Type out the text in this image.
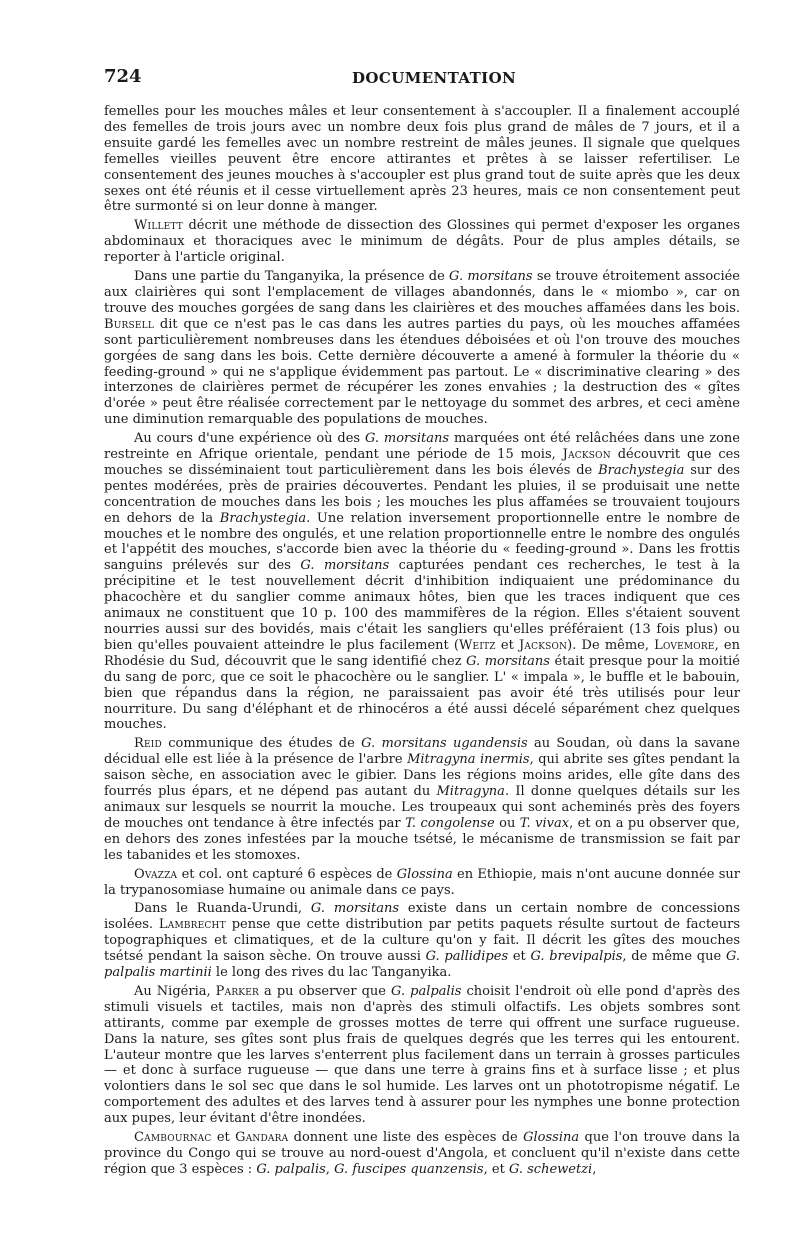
724	DOCUMENTATION

femelles pour les mouches mâles et leur consentement à s'accoupler. Il a finalement accouplé des femelles de trois jours avec un nombre deux fois plus grand de mâles de 7 jours, et il a ensuite gardé les femelles avec un nombre restreint de mâles jeunes. Il signale que quelques femelles vieilles peuvent être encore attirantes et prêtes à se laisser refertiliser. Le consentement des jeunes mouches à s'accoupler est plus grand tout de suite après que les deux sexes ont été réunis et il cesse virtuellement après 23 heures, mais ce non consentement peut être surmonté si on leur donne à manger.

Willett décrit une méthode de dissection des Glossines qui permet d'exposer les organes abdominaux et thoraciques avec le minimum de dégâts. Pour de plus amples détails, se reporter à l'article original.

Dans une partie du Tanganyika, la présence de G. morsitans se trouve étroitement associée aux clairières qui sont l'emplacement de villages abandonnés, dans le « miombo », car on trouve des mouches gorgées de sang dans les clairières et des mouches affamées dans les bois. Bursell dit que ce n'est pas le cas dans les autres parties du pays, où les mouches affamées sont particulièrement nombreuses dans les étendues déboisées et où l'on trouve des mouches gorgées de sang dans les bois. Cette dernière découverte a amené à formuler la théorie du « feeding-ground » qui ne s'applique évidemment pas partout. Le « discriminative clearing » des interzones de clairières permet de récupérer les zones envahies ; la destruction des « gîtes d'orée » peut être réalisée correctement par le nettoyage du sommet des arbres, et ceci amène une diminution remarquable des populations de mouches.

Au cours d'une expérience où des G. morsitans marquées ont été relâchées dans une zone restreinte en Afrique orientale, pendant une période de 15 mois, Jackson découvrit que ces mouches se disséminaient tout particulièrement dans les bois élevés de Brachystegia sur des pentes modérées, près de prairies découvertes. Pendant les pluies, il se produisait une nette concentration de mouches dans les bois ; les mouches les plus affamées se trouvaient toujours en dehors de la Brachystegia. Une relation inversement proportionnelle entre le nombre de mouches et le nombre des ongulés, et une relation proportionnelle entre le nombre des ongulés et l'appétit des mouches, s'accorde bien avec la théorie du « feeding-ground ». Dans les frottis sanguins prélevés sur des G. morsitans capturées pendant ces recherches, le test à la précipitine et le test nouvellement décrit d'inhibition indiquaient une prédominance du phacochère et du sanglier comme animaux hôtes, bien que les traces indiquent que ces animaux ne constituent que 10 p. 100 des mammifères de la région. Elles s'étaient souvent nourries aussi sur des bovidés, mais c'était les sangliers qu'elles préféraient (13 fois plus) ou bien qu'elles pouvaient atteindre le plus facilement (Weitz et Jackson). De même, Lovemore, en Rhodésie du Sud, découvrit que le sang identifié chez G. morsitans était presque pour la moitié du sang de porc, que ce soit le phacochère ou le sanglier. L' « impala », le buffle et le babouin, bien que répandus dans la région, ne paraissaient pas avoir été très utilisés pour leur nourriture. Du sang d'éléphant et de rhinocéros a été aussi décelé séparément chez quelques mouches.

Reid communique des études de G. morsitans ugandensis au Soudan, où dans la savane décidual elle est liée à la présence de l'arbre Mitragyna inermis, qui abrite ses gîtes pendant la saison sèche, en association avec le gibier. Dans les régions moins arides, elle gîte dans des fourrés plus épars, et ne dépend pas autant du Mitragyna. Il donne quelques détails sur les animaux sur lesquels se nourrit la mouche. Les troupeaux qui sont acheminés près des foyers de mouches ont tendance à être infectés par T. congolense ou T. vivax, et on a pu observer que, en dehors des zones infestées par la mouche tsétsé, le mécanisme de transmission se fait par les tabanides et les stomoxes.

Ovazza et col. ont capturé 6 espèces de Glossina en Ethiopie, mais n'ont aucune donnée sur la trypanosomiase humaine ou animale dans ce pays.

Dans le Ruanda-Urundi, G. morsitans existe dans un certain nombre de concessions isolées. Lambrecht pense que cette distribution par petits paquets résulte surtout de facteurs topographiques et climatiques, et de la culture qu'on y fait. Il décrit les gîtes des mouches tsétsé pendant la saison sèche. On trouve aussi G. pallidipes et G. brevipalpis, de même que G. palpalis martinii le long des rives du lac Tanganyika.

Au Nigéria, Parker a pu observer que G. palpalis choisit l'endroit où elle pond d'après des stimuli visuels et tactiles, mais non d'après des stimuli olfactifs. Les objets sombres sont attirants, comme par exemple de grosses mottes de terre qui offrent une surface rugueuse. Dans la nature, ses gîtes sont plus frais de quelques degrés que les terres qui les entourent. L'auteur montre que les larves s'enterrent plus facilement dans un terrain à grosses particules — et donc à surface rugueuse — que dans une terre à grains fins et à surface lisse ; et plus volontiers dans le sol sec que dans le sol humide. Les larves ont un phototropisme négatif. Le comportement des adultes et des larves tend à assurer pour les nymphes une bonne protection aux pupes, leur évitant d'être inondées.

Cambournac et Gandara donnent une liste des espèces de Glossina que l'on trouve dans la province du Congo qui se trouve au nord-ouest d'Angola, et concluent qu'il n'existe dans cette région que 3 espèces : G. palpalis, G. fuscipes quanzensis, et G. schewetzi,
